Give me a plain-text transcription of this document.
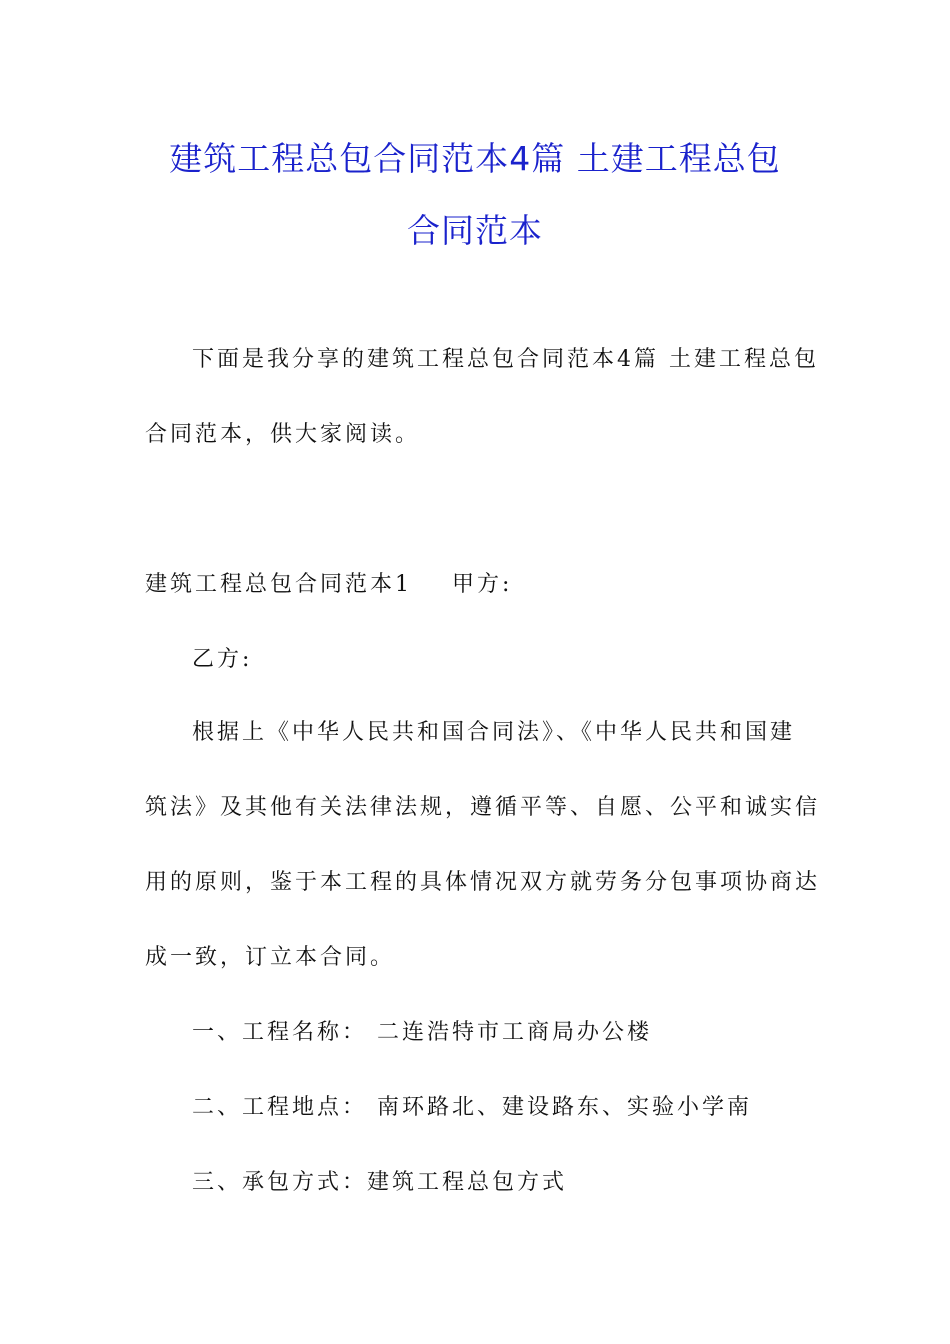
建筑工程总包合同范本4篇 土建工程总包
合同范本
下面是我分享的建筑工程总包合同范本4篇 土建工程总包
合同范本，供大家阅读。
建筑工程总包合同范本1 甲方:
乙方:
根据上《中华人民共和国合同法》、《中华人民共和国建
筑法》及其他有关法律法规，遵循平等、自愿、公平和诚实信
用的原则，鉴于本工程的具体情况双方就劳务分包事项协商达
成一致，订立本合同。
一、工程名称： 二连浩特市工商局办公楼
二、工程地点： 南环路北、建设路东、实验小学南
三、承包方式：建筑工程总包方式
